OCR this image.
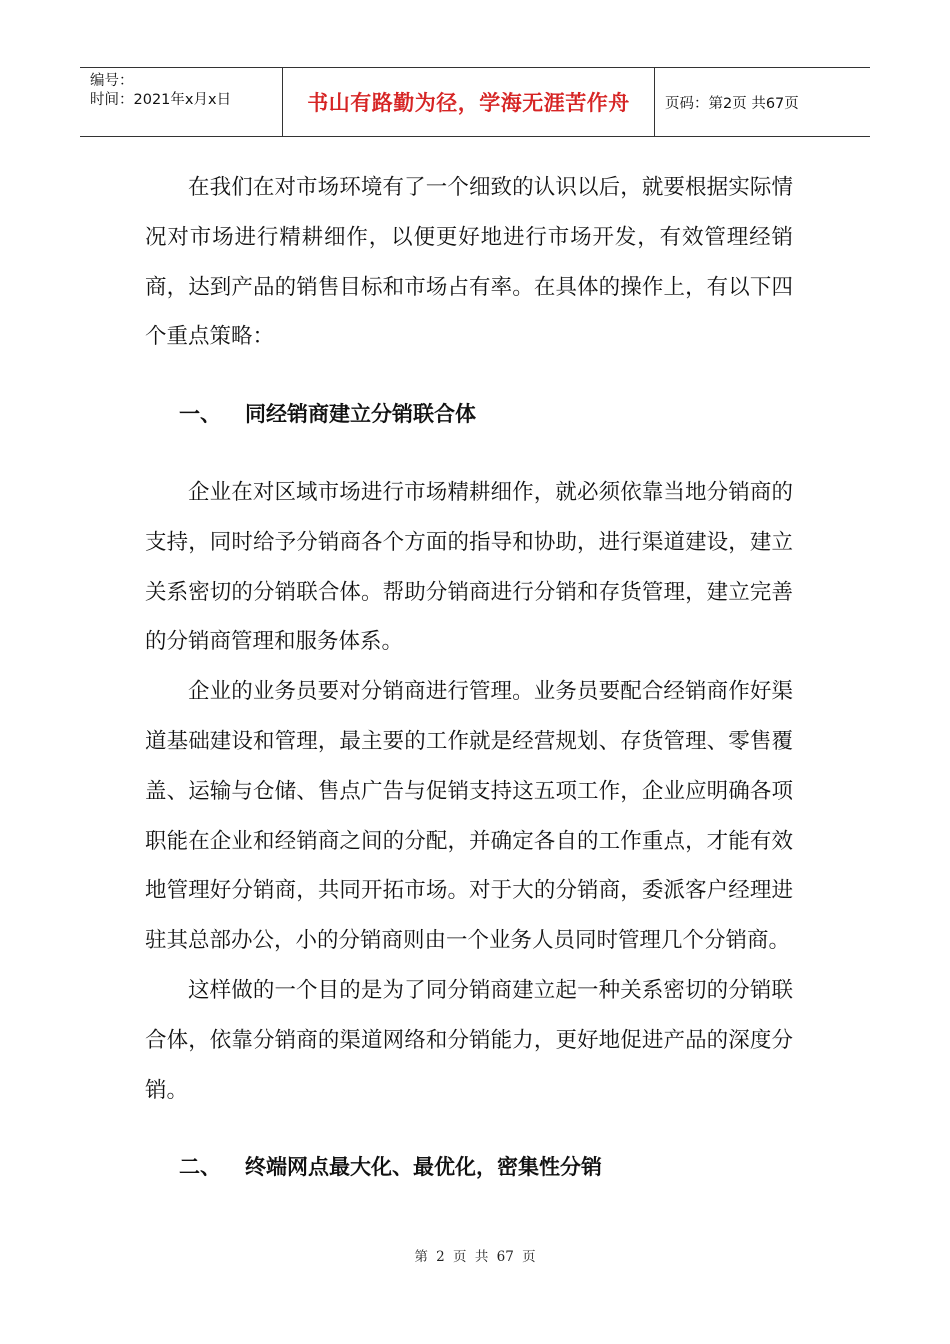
编号：
时间：2021年x月x日	书山有路勤为径，学海无涯苦作舟	页码：第2页 共67页

在我们在对市场环境有了一个细致的认识以后，就要根据实际情况对市场进行精耕细作，以便更好地进行市场开发，有效管理经销商，达到产品的销售目标和市场占有率。在具体的操作上，有以下四个重点策略：

一、	同经销商建立分销联合体

企业在对区域市场进行市场精耕细作，就必须依靠当地分销商的支持，同时给予分销商各个方面的指导和协助，进行渠道建设，建立关系密切的分销联合体。帮助分销商进行分销和存货管理，建立完善的分销商管理和服务体系。

企业的业务员要对分销商进行管理。业务员要配合经销商作好渠道基础建设和管理，最主要的工作就是经营规划、存货管理、零售覆盖、运输与仓储、售点广告与促销支持这五项工作，企业应明确各项职能在企业和经销商之间的分配，并确定各自的工作重点，才能有效地管理好分销商，共同开拓市场。对于大的分销商，委派客户经理进驻其总部办公，小的分销商则由一个业务人员同时管理几个分销商。

这样做的一个目的是为了同分销商建立起一种关系密切的分销联合体，依靠分销商的渠道网络和分销能力，更好地促进产品的深度分销。

二、	终端网点最大化、最优化，密集性分销
第 2 页 共 67 页
